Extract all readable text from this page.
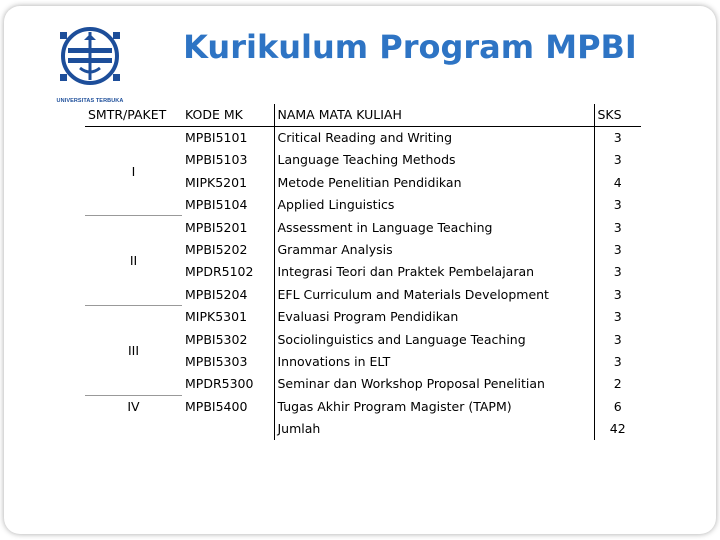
UNIVERSITAS TERBUKA
Kurikulum Program MPBI
SMTR/PAKET	KODE MK	NAMA MATA KULIAH	SKS
I	MPBI5101	Critical Reading and Writing	3
	MPBI5103	Language Teaching Methods	3
	MIPK5201	Metode Penelitian Pendidikan	4
	MPBI5104	Applied Linguistics	3
II	MPBI5201	Assessment in Language Teaching	3
	MPBI5202	Grammar Analysis	3
	MPDR5102	Integrasi Teori dan Praktek Pembelajaran	3
	MPBI5204	EFL Curriculum and Materials Development	3
III	MIPK5301	Evaluasi Program Pendidikan	3
	MPBI5302	Sociolinguistics and Language Teaching	3
	MPBI5303	Innovations in ELT	3
	MPDR5300	Seminar dan Workshop Proposal Penelitian	2
IV	MPBI5400	Tugas Akhir Program Magister (TAPM)	6
		Jumlah	42
